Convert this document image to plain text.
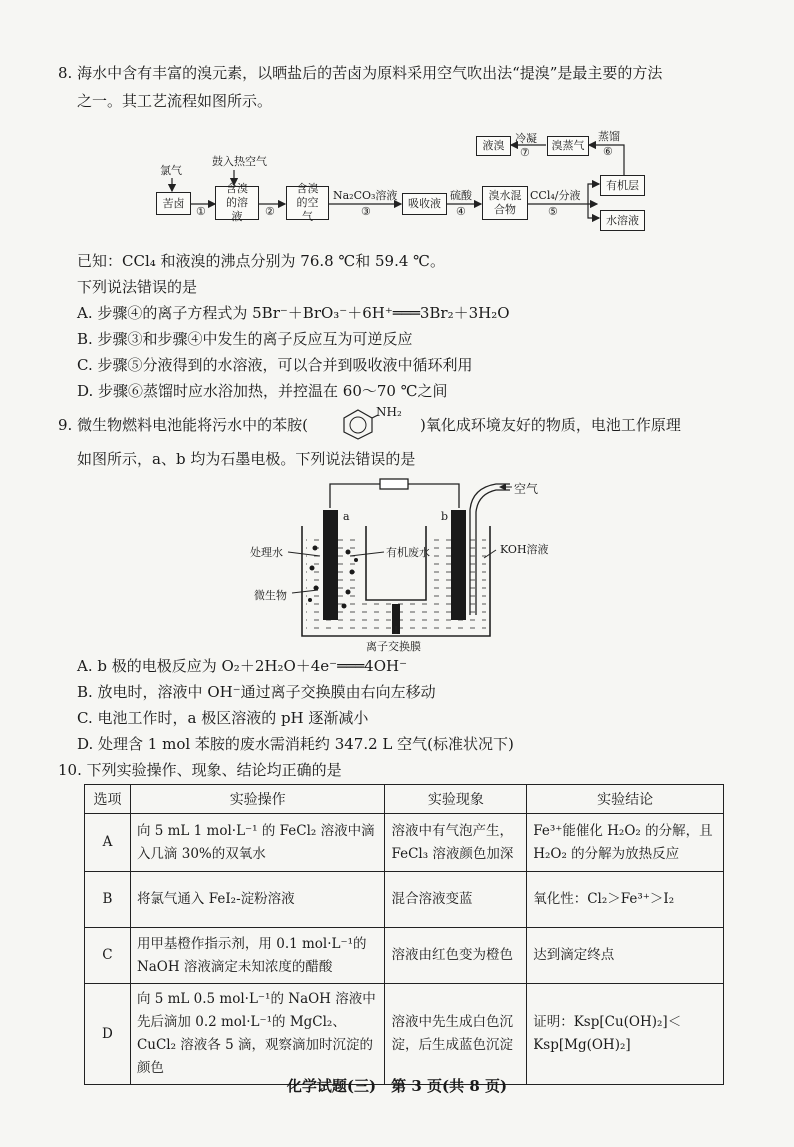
8. 海水中含有丰富的溴元素，以晒盐后的苦卤为原料采用空气吹出法“提溴”是最主要的方法
之一。其工艺流程如图所示。
氯气
鼓入热空气
苦卤
①
含溴的溶液	②
含溴的空气
Na₂CO₃溶液
③
吸收液
硫酸
④
溴水混合物
CCl₄/分液
⑤
有机层
水溶液
蒸馏
⑥
溴蒸气
冷凝
⑦
液溴
已知：CCl₄ 和液溴的沸点分别为 76.8 ℃和 59.4 ℃。
下列说法错误的是
A. 步骤④的离子方程式为 5Br⁻＋BrO₃⁻＋6H⁺═══3Br₂＋3H₂O
B. 步骤③和步骤④中发生的离子反应互为可逆反应
C. 步骤⑤分液得到的水溶液，可以合并到吸收液中循环利用
D. 步骤⑥蒸馏时应水浴加热，并控温在 60～70 ℃之间
9. 微生物燃料电池能将污水中的苯胺(
NH₂
)氧化成环境友好的物质，电池工作原理
如图所示，a、b 均为石墨电极。下列说法错误的是
a	b
空气
处理水	有机废水	KOH溶液
微生物
离子交换膜
A. b 极的电极反应为 O₂＋2H₂O＋4e⁻═══4OH⁻
B. 放电时，溶液中 OH⁻通过离子交换膜由右向左移动
C. 电池工作时，a 极区溶液的 pH 逐渐减小
D. 处理含 1 mol 苯胺的废水需消耗约 347.2 L 空气(标准状况下)
10. 下列实验操作、现象、结论均正确的是
选项	实验操作	实验现象	实验结论
A	向 5 mL 1 mol·L⁻¹ 的 FeCl₂ 溶液中滴入几滴 30%的双氧水	溶液中有气泡产生，FeCl₃ 溶液颜色加深	Fe³⁺能催化 H₂O₂ 的分解，且 H₂O₂ 的分解为放热反应
B	将氯气通入 FeI₂-淀粉溶液	混合溶液变蓝	氧化性：Cl₂＞Fe³⁺＞I₂
C	用甲基橙作指示剂，用 0.1 mol·L⁻¹的 NaOH 溶液滴定未知浓度的醋酸	溶液由红色变为橙色	达到滴定终点
D	向 5 mL 0.5 mol·L⁻¹的 NaOH 溶液中先后滴加 0.2 mol·L⁻¹的 MgCl₂、CuCl₂ 溶液各 5 滴，观察滴加时沉淀的颜色	溶液中先生成白色沉淀，后生成蓝色沉淀	证明：Ksp[Cu(OH)₂]＜Ksp[Mg(OH)₂]
化学试题(三)　第 3 页(共 8 页)
